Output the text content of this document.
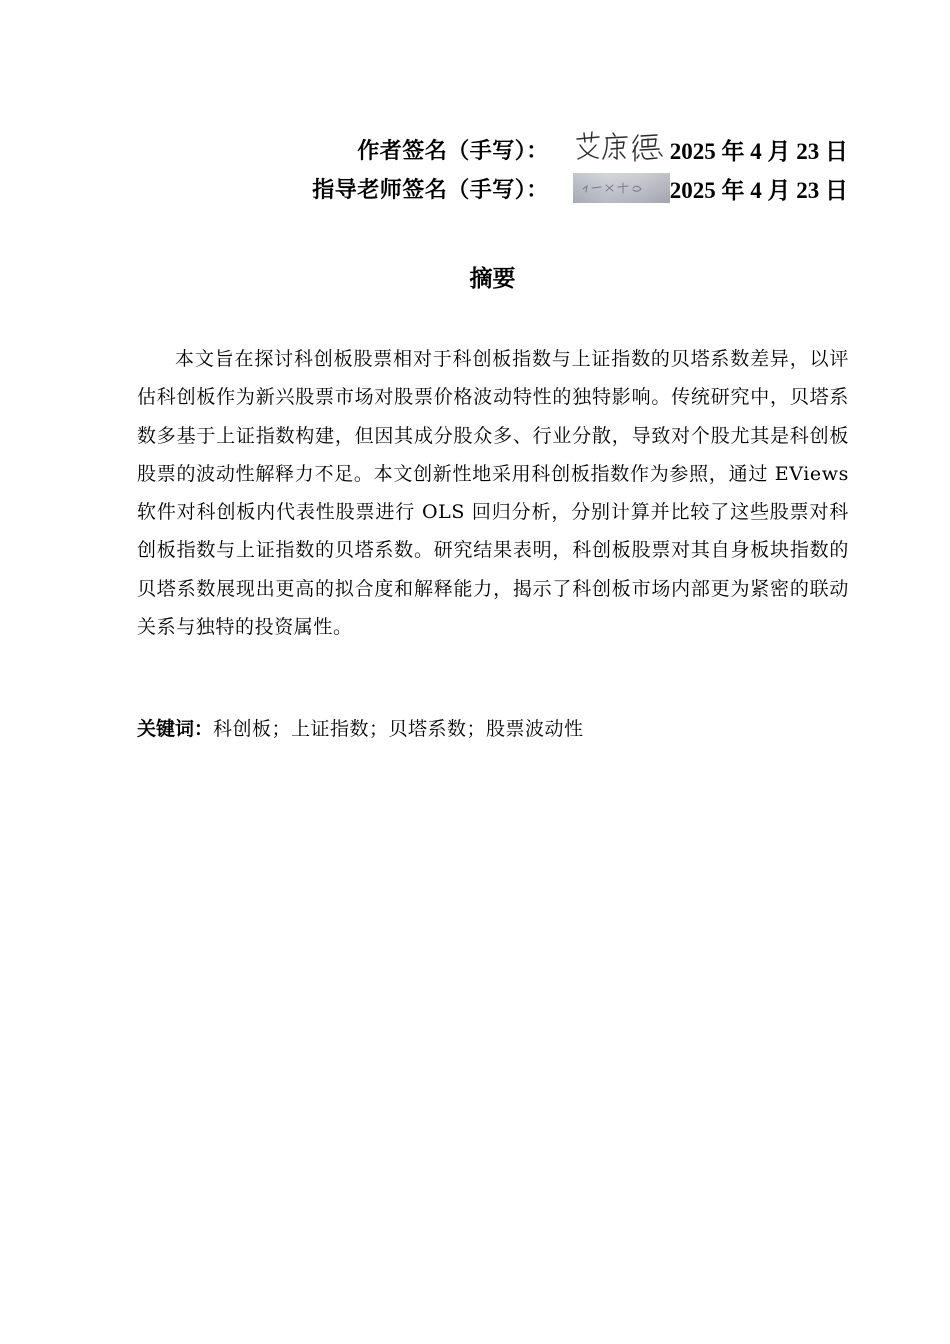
作者签名（手写）：	2025 年 4 月 23 日
指导老师签名（手写）：	2025 年 4 月 23 日
摘要

本文旨在探讨科创板股票相对于科创板指数与上证指数的贝塔系数差异，以评估科创板作为新兴股票市场对股票价格波动特性的独特影响。传统研究中，贝塔系数多基于上证指数构建，但因其成分股众多、行业分散，导致对个股尤其是科创板股票的波动性解释力不足。本文创新性地采用科创板指数作为参照，通过 EViews 软件对科创板内代表性股票进行 OLS 回归分析，分别计算并比较了这些股票对科创板指数与上证指数的贝塔系数。研究结果表明，科创板股票对其自身板块指数的贝塔系数展现出更高的拟合度和解释能力，揭示了科创板市场内部更为紧密的联动关系与独特的投资属性。

关键词：科创板；上证指数；贝塔系数；股票波动性
